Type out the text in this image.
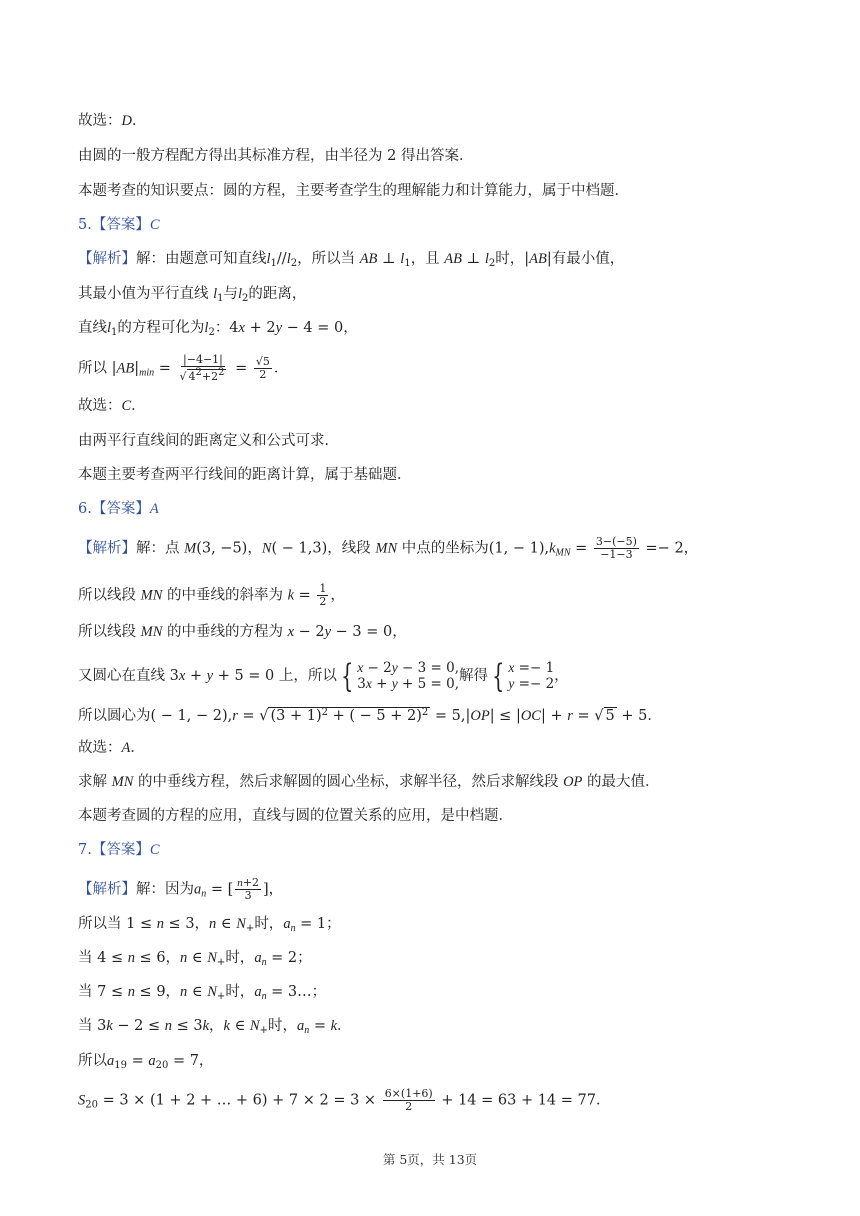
故选：D．
由圆的一般方程配方得出其标准方程，由半径为 2 得出答案．
本题考查的知识要点：圆的方程，主要考查学生的理解能力和计算能力，属于中档题．
5.【答案】C
【解析】解：由题意可知直线$l_1//l_2$，所以当 AB ⊥ $l_1$，且 AB ⊥ $l_2$时，|AB|有最小值，
其最小值为平行直线 $l_1$与$l_2$的距离，
直线$l_1$的方程可化为$l_2$：4x + 2y − 4 = 0，
所以 $|AB|_{min} = \frac{|-4-1|}{√ 4^2+2^2} = \frac{√5}{2}$ ．
故选：C．
由两平行直线间的距离定义和公式可求．
本题主要考查两平行线间的距离计算，属于基础题．
6.【答案】A
【解析】解：点 M(3, −5)，N( − 1,3)，线段 MN 中点的坐标为(1, − $1),k_{MN} = \frac{3-(-5)}{-1-3} =- 2$，
所以线段 MN 的中垂线的斜率为 $k = \frac{1}{2}$ ，
所以线段 MN 的中垂线的方程为 x − 2y − 3 = 0，
又圆心在直线 3x + y + 5 = 0 上，所以 { x − 2y − 3 = 0,
3x + y + 5 = 0, 解得 { x =− 1
y =− 2 ，
所以圆心为( − 1, − 2),r = √ $(3 + 1)^2$ + ( − 5 + 2)$^2$ = 5,|OP| ≤ |OC| + r = √ 5 + 5．
故选：A．
求解 MN 的中垂线方程，然后求解圆的圆心坐标，求解半径，然后求解线段 OP 的最大值．
本题考查圆的方程的应用，直线与圆的位置关系的应用，是中档题．
7.【答案】C
【解析】解：因为$a_n$ = [ $\frac{n+2}{3}$ ]，
所以当 1 ≤ n ≤ 3，n ∈ $N_+$时，$a_n = 1$；
当 4 ≤ n ≤ 6，n ∈ $N_+$时，$a_n = 2$；
当 7 ≤ n ≤ 9，n ∈ $N_+$时，$a_n$ = 3…；
当 3k − 2 ≤ n ≤ 3k，k ∈ $N_+$时，$a_n = k$．
所以$a_{19} = a_{20} = 7$，
$S_{20} = 3 \times (1 + 2$ + … + $6) + 7 \times 2 = 3 \times \frac{6\times(1+6)}{2} + 14 = 63 + 14 = 77$．
第 5页，共 13页
